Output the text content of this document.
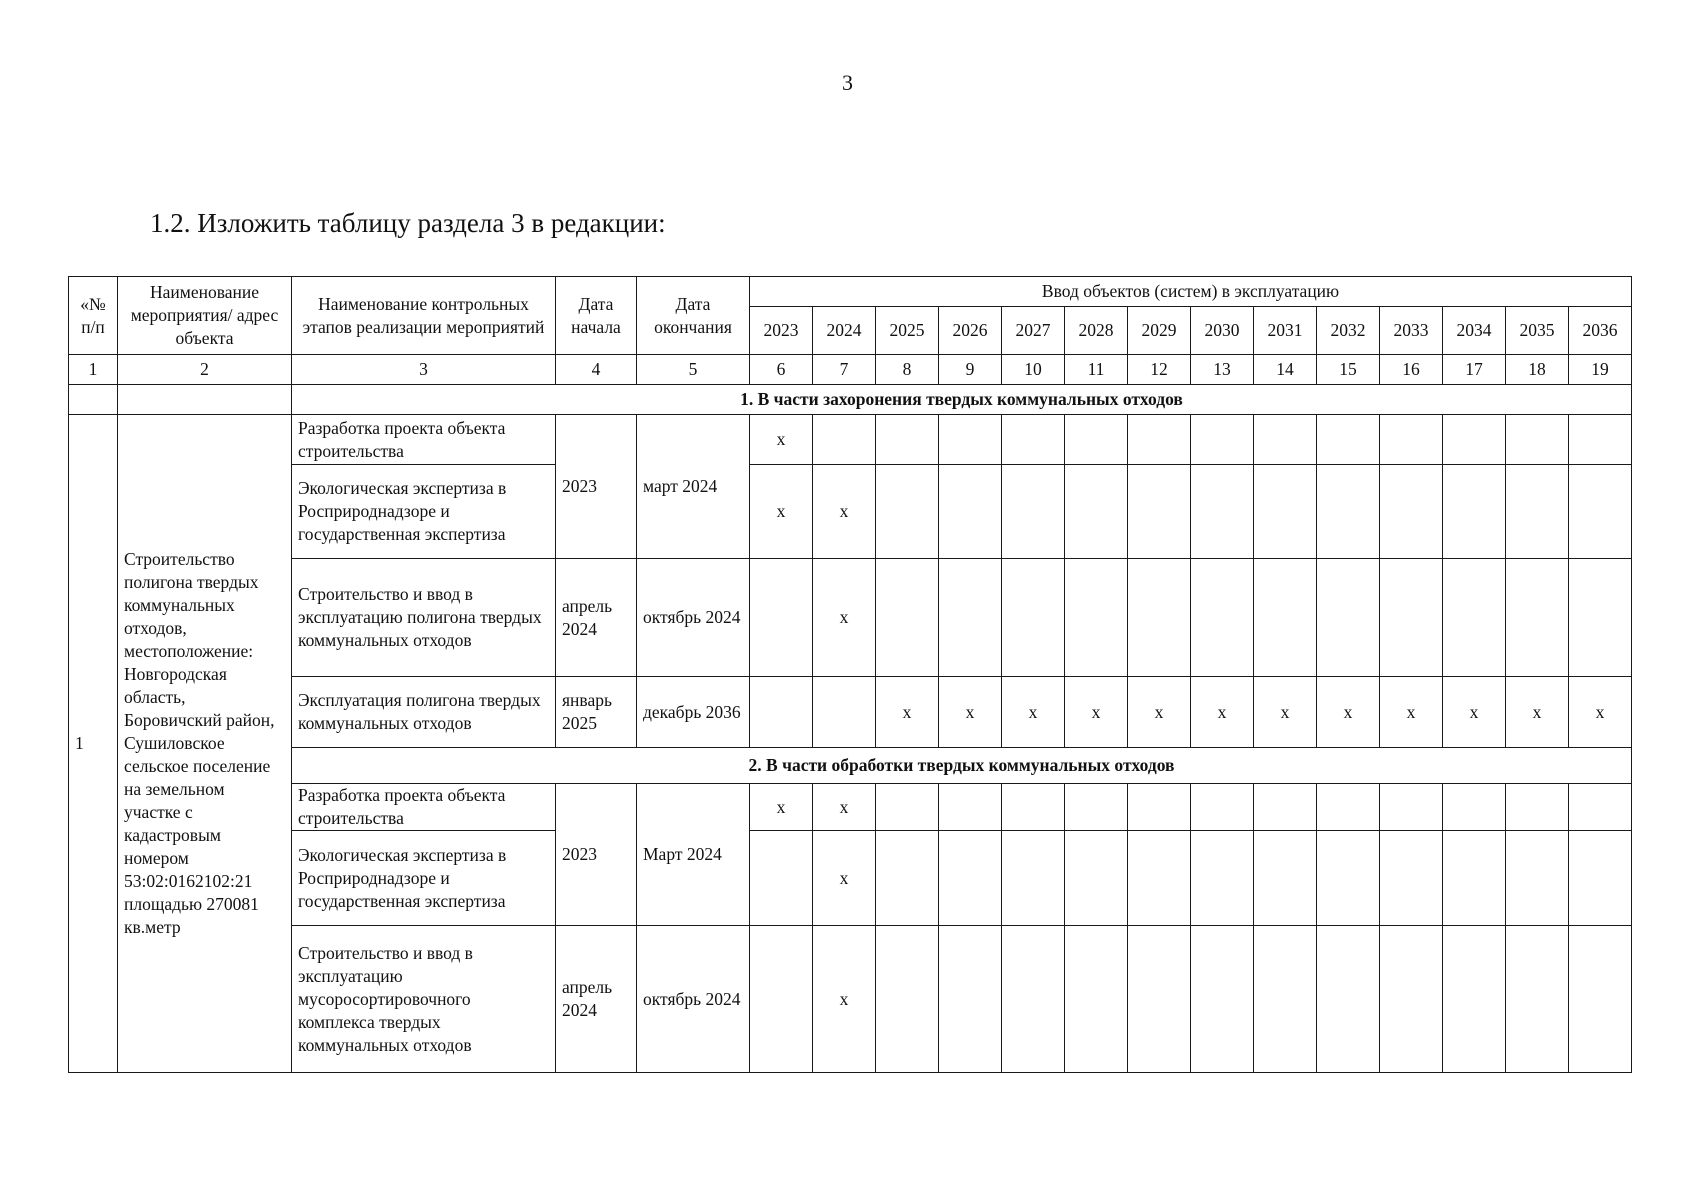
3
1.2. Изложить таблицу раздела 3 в редакции:
«№ п/п	Наименование мероприятия/ адрес объекта	Наименование контрольных этапов реализации мероприятий	Дата начала	Дата окончания	Ввод объектов (систем) в эксплуатацию													
					2023	2024	2025	2026	2027	2028	2029	2030	2031	2032	2033	2034	2035	2036
1	2	3	4	5	6	7	8	9	10	11	12	13	14	15	16	17	18	19
		1. В части захоронения твердых коммунальных отходов																
1	Строительство полигона твердых коммунальных отходов, местоположение: Новгородская область, Боровичский район, Сушиловское сельское поселение на земельном участке с кадастровым номером 53:02:0162102:21 площадью 270081 кв.метр	Разработка проекта объекта строительства	2023	март 2024	х													
		Экологическая экспертиза в Росприроднадзоре и государственная экспертиза			х	х												
		Строительство и ввод в эксплуатацию полигона твердых коммунальных отходов	апрель 2024	октябрь 2024		х												
		Эксплуатация полигона твердых коммунальных отходов	январь 2025	декабрь 2036			х	х	х	х	х	х	х	х	х	х	х	х
		2. В части обработки твердых коммунальных отходов																
		Разработка проекта объекта строительства	2023	Март 2024	х	х												
		Экологическая экспертиза в Росприроднадзоре и государственная экспертиза				х												
		Строительство и ввод в эксплуатацию мусоросортировочного комплекса твердых коммунальных отходов	апрель 2024	октябрь 2024		х												
